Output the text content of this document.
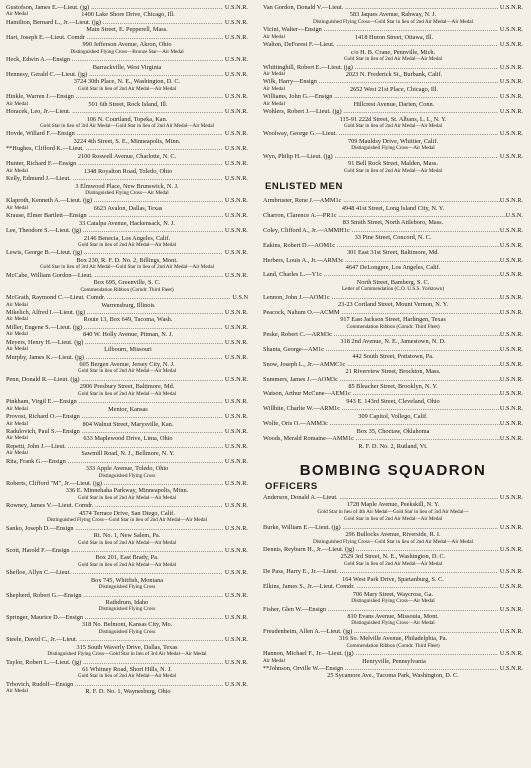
Gustofson, James E.—Lieut. (jg) .....	U.S.N.R.
Air Medal	1400 Lake Shore Drive, Chicago, Ill.
Hamilton, Bernard L., Jr.—Lieut. (jg) .....	U.S.N.R.
Main Street, E. Pepperell, Mass.
Hart, Joseph E.—Lieut. Comdr .....	U.S.N.R.
990 Jefferson Avenue, Akron, Ohio
Distinguished Flying Cross—Bronze Star—Air Medal
Heck, Edwin A.—Ensign .....	U.S.N.R.
Barrackville, West Virginia
Hennesy, Gerald C.—Lieut. (jg) .....	U.S.N.R.
3724 30th Place, N. E., Washington, D. C.
Gold Star in lieu of 2nd Air Medal—Air Medal
Hinkle, Warren J.—Ensign .....	U.S.N.R.
Air Medal	501 6th Street, Rock Island, Ill.
Horacek, Leo, Jr.—Lieut. .....	U.S.N.R.
106 N. Courtland, Topeka, Kan.
Gold Star in lieu of 3rd Air Medal—Gold Star in lieu of 2nd Air Medal—Air Medal
Hovde, Willard F.—Ensign .....	U.S.N.R.
3224 4th Street, S. E., Minneapolis, Minn.
**Hughes, Clifford K.—Lieut. .....	U.S.N.R.
2100 Roswell Avenue, Charlotte, N. C.
Hunter, Richard F.—Ensign .....	U.S.N.R.
Air Medal	1348 Royalton Road, Toledo, Ohio
Kelly, Edmund J.—Lieut. .....	U.S.N.R.
3 Elmwood Place, New Brunswick, N. J.
Distinguished Flying Cross—Air Medal
Klaproth, Kenneth A.—Lieut. (jg) .....	U.S.N.R.
Air Medal	6623 Avalon, Dallas, Texas
Krause, Elmer Bartlett—Ensign .....	U.S.N.R.
33 Catalpa Avenue, Hackensack, N. J.
Lee, Theodore S.—Lieut. (jg) .....	U.S.N.R.
2146 Benecia, Los Angeles, Calif.
Gold Star in lieu of 2nd Air Medal—Air Medal
Lewis, George B.—Lieut. (jg) .....	U.S.N.R.
Box 230, R. F. D. No. 2, Billings, Mont.
Gold Star in lieu of 3rd Air Medal—Gold Star in lieu of 2nd Air Medal—Air Medal
McCabe, William Gordon—Lieut. .....	U.S.N.R.
Box 695, Greenville, S. C.
Commendation Ribbon (Comdr. Third Fleet)
McGrath, Raymond C.—Lieut. Comdr. .....	U.S.N
Air Medal	Warrensburg, Illinois
Mikelich, Alfred I.—Lieut. (jg) .....	U.S.N.R.
Air Medal	Route 13, Box 649, Tacoma, Wash.
Miller, Eugene S.—Lieut. (jg) .....	U.S.N.R.
Air Medal	840 W. Holly Avenue, Pitman, N. J.
Meyers, Henry H.—Lieut. (jg) .....	U.S.N.R.
Air Medal	Lilbourn, Missouri
Murphy, James K.—Lieut. (jg) .....	U.S.N.R.
605 Bergen Avenue, Jersey City, N. J.
Gold Star in lieu of 2nd Air Medal—Air Medal
Penn, Donald R.—Lieut. (jg) .....	U.S.N.R.
2906 Presbury Street, Baltimore, Md.
Gold Star in lieu of 2nd Air Medal—Air Medal
Pinkham, Virgil E.—Ensign .....	U.S.N.R.
Air Medal	Mentor, Kansas
Provost, Richard O.—Ensign .....	U.S.N.R.
Air Medal	804 Walnut Street, Marysville, Kan.
Radulovich, Paul S.—Ensign .....	U.S.N.R.
Air Medal	633 Maplewood Drive, Lima, Ohio
Repetti, John J.—Lieut. .....	U.S.N.R.
Air Medal	Sawmill Road, N. J., Bellmore, N. Y.
Rita, Frank G.—Ensign .....	U.S.N.R.
333 Apple Avenue, Toledo, Ohio
Distinguished Flying Cross
Roberts, Clifford "M", Jr.—Lieut. (jg) .....	U.S.N.R.
336 E. Minnehaha Parkway, Minneapolis, Minn.
Gold Star in lieu of 2nd Air Medal—Air Medal
Rowney, James V.—Lieut. Comdr. .....	U.S.N.R.
4574 Terrace Drive, San Diego, Calif.
Distinguished Flying Cross—Gold Star in lieu of 2nd Air Medal—Air Medal
Sanko, Joseph D.—Ensign .....	U.S.N.R.
Rt. No. 1, New Salem, Pa.
Gold Star in lieu of 2nd Air Medal—Air Medal
Scott, Harold F.—Ensign .....	U.S.N.R.
Box 201, East Brady, Pa.
Gold Star in lieu of 2nd Air Medal—Air Medal
Shefloe, Allyn C.—Lieut. .....	U.S.N.R.
Box 745, Whitfish, Montana
Distinguished Flying Cross
Shepherd, Robert G.—Ensign .....	U.S.N.R.
Rathdrum, Idaho
Distinguished Flying Cross
Springer, Maurice D.—Ensign .....	U.S.N.R.
318 No. Belmont, Kansas City, Mo.
Distinguished Flying Cross
Steele, David C., Jr.—Lieut. .....	U.S.N.R.
315 South Waverly Drive, Dallas, Texas
Distinguished Flying Cross—Gold Star in lieu of 3rd Air Medal—Air Medal
Taylor, Robert L.—Lieut. (jg) .....	U.S.N.R.
61 Whitney Road, Short Hills, N. J.
Gold Star in lieu of 2nd Air Medal—Air Medal
Trbovich, Rudolf—Ensign .....	U.S.N.R.
Air Medal	R. F. D. No. 1, Waynesburg, Ohio
Van Gordon, Donald V.—Lieut. .....	U.S.N.R.
583 Jaques Avenue, Rahway, N. J.
Distinguished Flying Cross—Gold Star in lieu of 2nd Air Medal—Air Medal
Vicini, Walter—Ensign .....	U.S.N.R.
Air Medal	1418 Huron Street, Ottawa, Ill.
Walton, DeForest F.—Lieut. .....	U.S.N.R.
c/o H. B. Crane, Pennville, Mich.
Gold Star in lieu of 2nd Air Medal—Air Medal
Whittinghill, Robert E.—Lieut. (jg) .....	U.S.N.R.
Air Medal	2023 N. Frederick St., Burbank, Calif.
Wilk, Harry—Ensign .....	U.S.N.R.
Air Medal	2652 West 21st Place, Chicago, Ill.
Williams, John G.—Ensign .....	U.S.N.R.
Air Medal	Hillcrest Avenue, Darien, Conn.
Wohlers, Robert J.—Lieut. (jg) .....	U.S.N.R.
115-91 222d Street, St. Albans, L. I., N. Y.
Gold Star in lieu of 2nd Air Medal—Air Medal
Woolway, George G.—Lieut. .....	U.S.N.R.
709 Mauldsy Drive, Whittier, Calif.
Distinguished Flying Cross—Air Medal
Wyn, Philip H.—Lieut. (jg) .....	U.S.N.R.
91 Bell Rock Street, Malden, Mass.
Gold Star in lieu of 2nd Air Medal—Air Medal
ENLISTED MEN
Armbruster, Rene J.—AMM1c .....	U.S.N.R.
4948 41st Street, Long Island City, N. Y.
Charron, Clarence A.—PR1c .....	U.S.N.
83 Smith Street, North Attleboro, Mass.
Coley, Clifford A., Jr.—AMMH1c .....	U.S.N.R.
33 Pine Street, Concord, N. C.
Eakins, Robert D.—AOM1c .....	U.S.N.R.
301 East 31st Street, Baltimore, Md.
Herbers, Louis A., Jr.—ARM3c .....	U.S.N.R.
4647 DeLongpre, Los Angeles, Calif.
Land, Charles L.—Y1c .....	U.S.N.R.
North Street, Bamberg, S. C.
Letter of Commendation (C.O. U.S.S. Yorktown)
Lennon, John J.—AOM1c .....	U.S.N.R.
23-23 Cortland Street, Mount Vernon, N. Y.
Peacock, Nahum O.—ACMM .....	U.S.N.R.
917 East Jackson Street, Harlingen, Texas
Commendation Ribbon (Comdr. Third Fleet)
Peske, Robert C.—ARM3c .....	U.S.N.R.
318 2nd Avenue, N. E., Jamestown, N. D.
Shanta, George—AM1c .....	U.S.N.R.
442 South Street, Pottstown, Pa.
Snow, Joseph L., Jr.—AMMC1c .....	U.S.N.R.
21 Riverview Street, Brockton, Mass.
Summers, James J.—AOM3c .....	U.S.N.R.
85 Bleacher Street, Brooklyn, N. Y.
Watson, Arthur McCune—AEM1c .....	U.S.N.R.
943 E. 143rd Street, Cleveland, Ohio
Willhite, Charlie W.—ARM1c .....	U.S.N.R.
309 Capitol, Vollego, Calif.
Wolfe, Oris O.—AMM3c .....	U.S.N.R.
Box 35, Choctaw, Oklahoma
Woods, Merald Romaine—AMM1c .....	U.S.N.R.
R. F. D. No. 2, Rutland, Vt.
BOMBING SQUADRON
OFFICERS
Anderson, Donald A.—Lieut. .....	U.S.N.R.
1728 Maple Avenue, Peekskill, N. Y.
Gold Star in lieu of 4th Air Medal—Gold Star in lieu of 3rd Air Medal—
Gold Star in lieu of 2nd Air Medal—Air Medal
Burke, William E.—Lieut. (jg) .....	U.S.N.R.
296 Bullocks Avenue, Riverside, R. I.
Distinguished Flying Cross—Gold Star in lieu of 2nd Air Medal—Air Medal
Dennis, Reyburn H., Jr.—Lieut. (jg) .....	U.S.N.R.
2529 3rd Street, N. E., Washington, D. C.
Gold Star in lieu of 2nd Air Medal—Air Medal
De Pass, Harry E., Jr.—Lieut. .....	U.S.N.R.
164 West Park Drive, Spartanburg, S. C.
Elkins, James S., Jr.—Lieut. Comdr. .....	U.S.N.R.
706 Mary Street, Waycross, Ga.
Distinguished Flying Cross—Air Medal
Fisher, Glen W.—Ensign .....	U.S.N.R.
810 Evans Avenue, Missouia, Mont.
Distinguished Flying Cross—Air Medal
Freudenheim, Allen A.—Lieut. (jg) .....	U.S.N.R.
316 So. Melville Avenue, Philadelphia, Pa.
Commendation Ribbon (Comdr. Third Fleet)
Hannon, Michael F., Jr.—Lieut. (jg) .....	U.S.N.R.
Air Medal	Henryville, Pennsylvania
**Johnson, Orville W.—Ensign .....	U.S.N.R.
25 Sycamore Ave., Tacoma Park, Washington, D. C.
